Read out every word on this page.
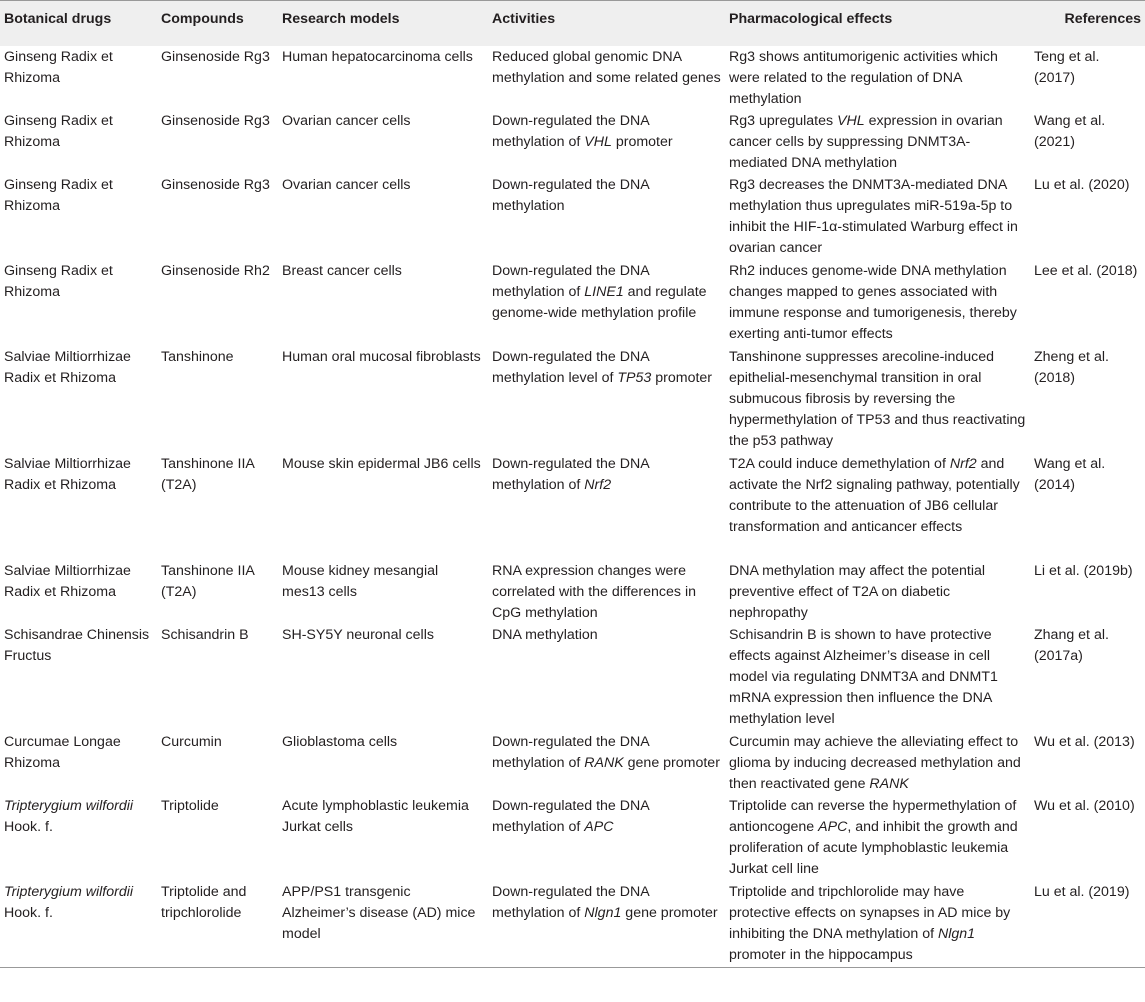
Botanical drugs	Compounds	Research models	Activities	Pharmacological effects	References
Ginseng Radix et Rhizoma	Ginsenoside Rg3	Human hepatocarcinoma cells	Reduced global genomic DNA methylation and some related genes	Rg3 shows antitumorigenic activities which were related to the regulation of DNA methylation	Teng et al. (2017)
Ginseng Radix et Rhizoma	Ginsenoside Rg3	Ovarian cancer cells	Down-regulated the DNA methylation of VHL promoter	Rg3 upregulates VHL expression in ovarian cancer cells by suppressing DNMT3A-mediated DNA methylation	Wang et al. (2021)
Ginseng Radix et Rhizoma	Ginsenoside Rg3	Ovarian cancer cells	Down-regulated the DNA methylation	Rg3 decreases the DNMT3A-mediated DNA methylation thus upregulates miR-519a-5p to inhibit the HIF-1α-stimulated Warburg effect in ovarian cancer	Lu et al. (2020)
Ginseng Radix et Rhizoma	Ginsenoside Rh2	Breast cancer cells	Down-regulated the DNA methylation of LINE1 and regulate genome-wide methylation profile	Rh2 induces genome-wide DNA methylation changes mapped to genes associated with immune response and tumorigenesis, thereby exerting anti-tumor effects	Lee et al. (2018)
Salviae Miltiorrhizae Radix et Rhizoma	Tanshinone	Human oral mucosal fibroblasts	Down-regulated the DNA methylation level of TP53 promoter	Tanshinone suppresses arecoline-induced epithelial-mesenchymal transition in oral submucous fibrosis by reversing the hypermethylation of TP53 and thus reactivating the p53 pathway	Zheng et al. (2018)
Salviae Miltiorrhizae Radix et Rhizoma	Tanshinone IIA (T2A)	Mouse skin epidermal JB6 cells	Down-regulated the DNA methylation of Nrf2	T2A could induce demethylation of Nrf2 and activate the Nrf2 signaling pathway, potentially contribute to the attenuation of JB6 cellular transformation and anticancer effects	Wang et al. (2014)
Salviae Miltiorrhizae Radix et Rhizoma	Tanshinone IIA (T2A)	Mouse kidney mesangial mes13 cells	RNA expression changes were correlated with the differences in CpG methylation	DNA methylation may affect the potential preventive effect of T2A on diabetic nephropathy	Li et al. (2019b)
Schisandrae Chinensis Fructus	Schisandrin B	SH-SY5Y neuronal cells	DNA methylation	Schisandrin B is shown to have protective effects against Alzheimer’s disease in cell model via regulating DNMT3A and DNMT1 mRNA expression then influence the DNA methylation level	Zhang et al. (2017a)
Curcumae Longae Rhizoma	Curcumin	Glioblastoma cells	Down-regulated the DNA methylation of RANK gene promoter	Curcumin may achieve the alleviating effect to glioma by inducing decreased methylation and then reactivated gene RANK	Wu et al. (2013)
Tripterygium wilfordii Hook. f.	Triptolide	Acute lymphoblastic leukemia Jurkat cells	Down-regulated the DNA methylation of APC	Triptolide can reverse the hypermethylation of antioncogene APC, and inhibit the growth and proliferation of acute lymphoblastic leukemia Jurkat cell line	Wu et al. (2010)
Tripterygium wilfordii Hook. f.	Triptolide and tripchlorolide	APP/PS1 transgenic Alzheimer’s disease (AD) mice model	Down-regulated the DNA methylation of Nlgn1 gene promoter	Triptolide and tripchlorolide may have protective effects on synapses in AD mice by inhibiting the DNA methylation of Nlgn1 promoter in the hippocampus	Lu et al. (2019)
